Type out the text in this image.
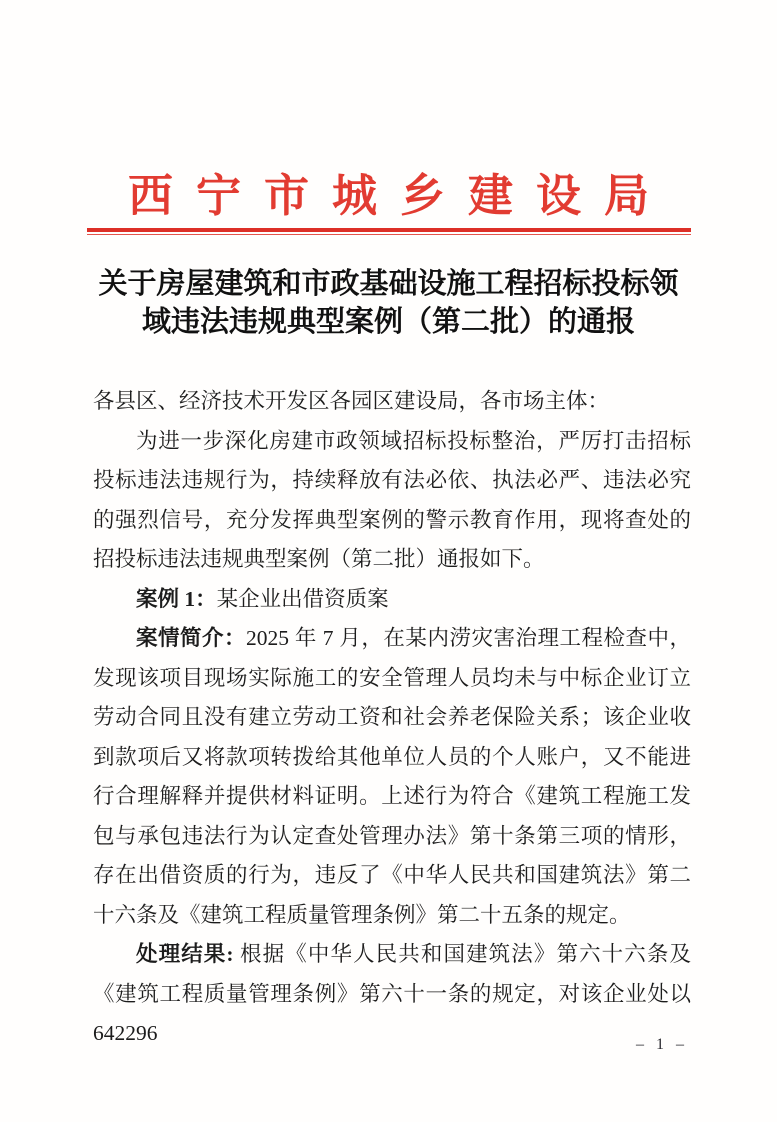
西宁市城乡建设局
关于房屋建筑和市政基础设施工程招标投标领
域违法违规典型案例（第二批）的通报
各县区、经济技术开发区各园区建设局，各市场主体：
为进一步深化房建市政领域招标投标整治，严厉打击招标投标违法违规行为，持续释放有法必依、执法必严、违法必究的强烈信号，充分发挥典型案例的警示教育作用，现将查处的招投标违法违规典型案例（第二批）通报如下。
案例 1：某企业出借资质案
案情简介：2025 年 7 月，在某内涝灾害治理工程检查中，发现该项目现场实际施工的安全管理人员均未与中标企业订立劳动合同且没有建立劳动工资和社会养老保险关系；该企业收到款项后又将款项转拨给其他单位人员的个人账户，又不能进行合理解释并提供材料证明。上述行为符合《建筑工程施工发包与承包违法行为认定查处管理办法》第十条第三项的情形，存在出借资质的行为，违反了《中华人民共和国建筑法》第二十六条及《建筑工程质量管理条例》第二十五条的规定。
处理结果: 根据《中华人民共和国建筑法》第六十六条及《建筑工程质量管理条例》第六十一条的规定，对该企业处以 642296	– 1 –
